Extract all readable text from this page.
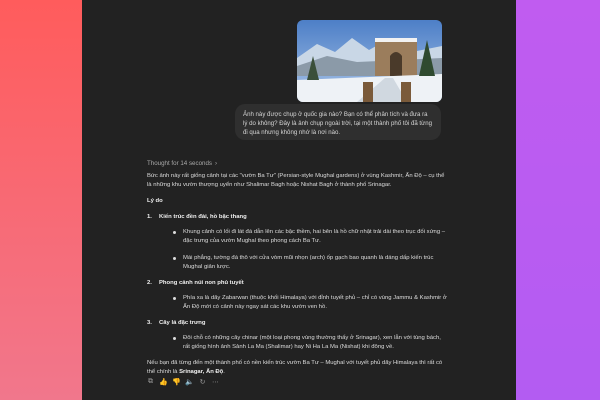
Ảnh này được chụp ở quốc gia nào? Bạn có thể phân tích và đưa ra lý do không? Đây là ảnh chụp ngoài trời, tại một thành phố tôi đã từng đi qua nhưng không nhớ là nơi nào.
Thought for 14 seconds ›

Bức ảnh này rất giống cảnh tại các "vườn Ba Tư" (Persian-style Mughal gardens) ở vùng Kashmir, Ấn Độ – cụ thể là những khu vườn thượng uyển như Shalimar Bagh hoặc Nishat Bagh ở thành phố Srinagar.

Lý do

1. Kiến trúc đền đài, hồ bậc thang
Khung cảnh có lối đi lát đá dẫn lên các bậc thềm, hai bên là hồ chữ nhật trải dài theo trục đối xứng – đặc trưng của vườn Mughal theo phong cách Ba Tư.
Mái phẳng, tường đá thô với cửa vòm mũi nhọn (arch) ốp gạch bao quanh là dáng dấp kiến trúc Mughal giản lược.
2. Phong cảnh núi non phủ tuyết
Phía xa là dãy Zabarwan (thuộc khối Himalaya) với đỉnh tuyết phủ – chỉ có vùng Jammu & Kashmir ở Ấn Độ mới có cảnh này ngay sát các khu vườn ven hồ.
3. Cây lá đặc trưng
Đôi chỗ có những cây chinar (một loại phong vùng thường thấy ở Srinagar), xen lẫn với tùng bách, rất giống hình ảnh Sảnh La Ma (Shalimar) hay Ni Ha La Ma (Nishat) khi đông về.

Nếu bạn đã từng đến một thành phố có nền kiến trúc vườn Ba Tư – Mughal với tuyết phủ dãy Himalaya thì rất có thể chính là Srinagar, Ấn Độ.

⧉ 👍 👎 🔈 ↻ ⋯
